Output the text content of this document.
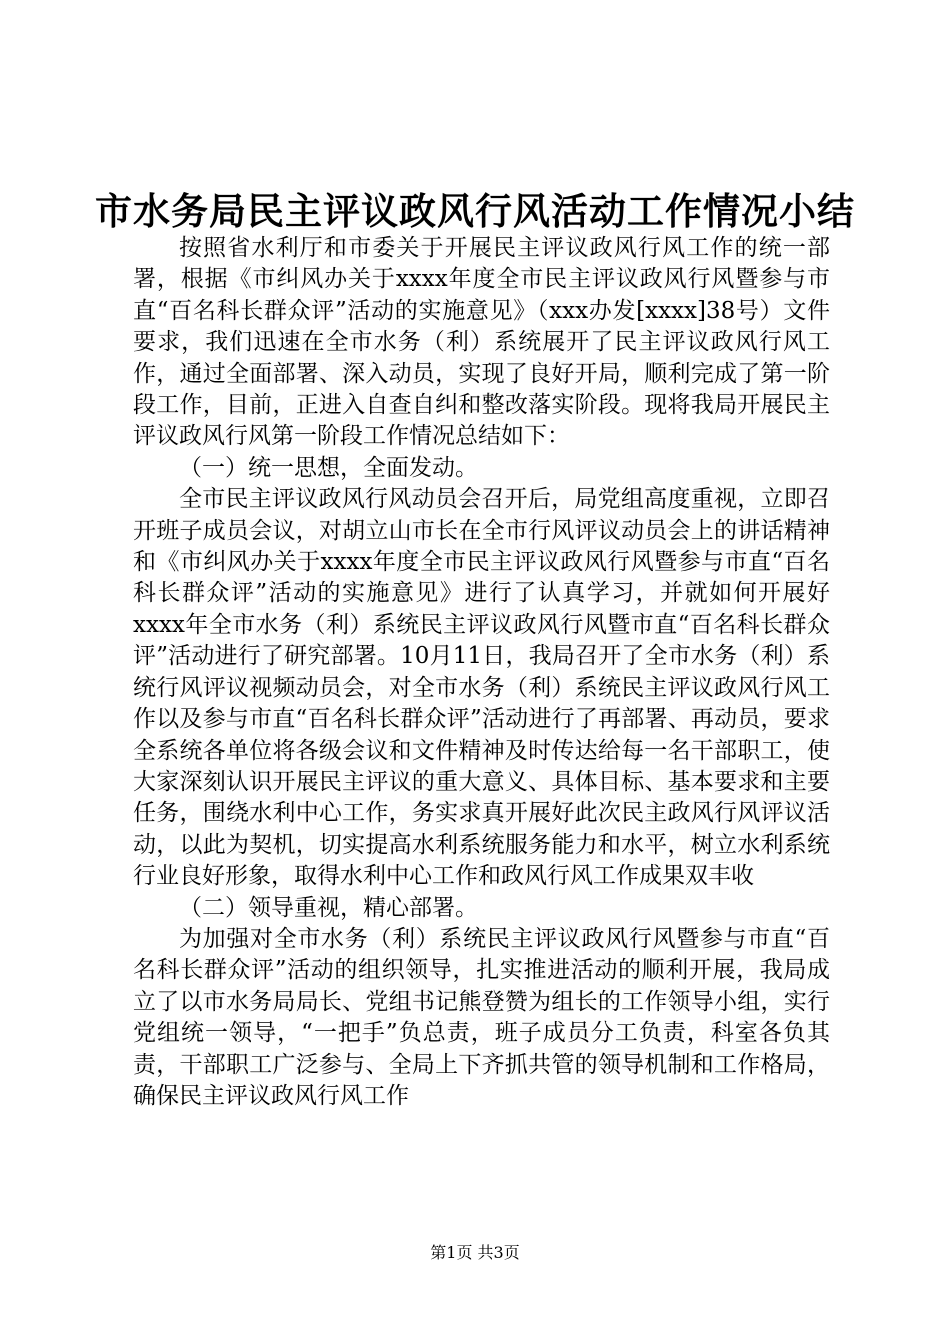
市水务局民主评议政风行风活动工作情况小结

按照省水利厅和市委关于开展民主评议政风行风工作的统一部署，根据《市纠风办关于xxxx年度全市民主评议政风行风暨参与市直“百名科长群众评”活动的实施意见》（xxx办发[xxxx]38号）文件要求，我们迅速在全市水务（利）系统展开了民主评议政风行风工作，通过全面部署、深入动员，实现了良好开局，顺利完成了第一阶段工作，目前，正进入自查自纠和整改落实阶段。现将我局开展民主评议政风行风第一阶段工作情况总结如下：

（一）统一思想，全面发动。

全市民主评议政风行风动员会召开后，局党组高度重视，立即召开班子成员会议，对胡立山市长在全市行风评议动员会上的讲话精神和《市纠风办关于xxxx年度全市民主评议政风行风暨参与市直“百名科长群众评”活动的实施意见》进行了认真学习，并就如何开展好xxxx年全市水务（利）系统民主评议政风行风暨市直“百名科长群众评”活动进行了研究部署。10月11日，我局召开了全市水务（利）系统行风评议视频动员会，对全市水务（利）系统民主评议政风行风工作以及参与市直“百名科长群众评”活动进行了再部署、再动员，要求全系统各单位将各级会议和文件精神及时传达给每一名干部职工，使大家深刻认识开展民主评议的重大意义、具体目标、基本要求和主要任务，围绕水利中心工作，务实求真开展好此次民主政风行风评议活动，以此为契机，切实提高水利系统服务能力和水平，树立水利系统行业良好形象，取得水利中心工作和政风行风工作成果双丰收

（二）领导重视，精心部署。

为加强对全市水务（利）系统民主评议政风行风暨参与市直“百名科长群众评”活动的组织领导，扎实推进活动的顺利开展，我局成立了以市水务局局长、党组书记熊登赞为组长的工作领导小组，实行党组统一领导，“一把手”负总责，班子成员分工负责，科室各负其责，干部职工广泛参与、全局上下齐抓共管的领导机制和工作格局，确保民主评议政风行风工作

第1页 共3页
